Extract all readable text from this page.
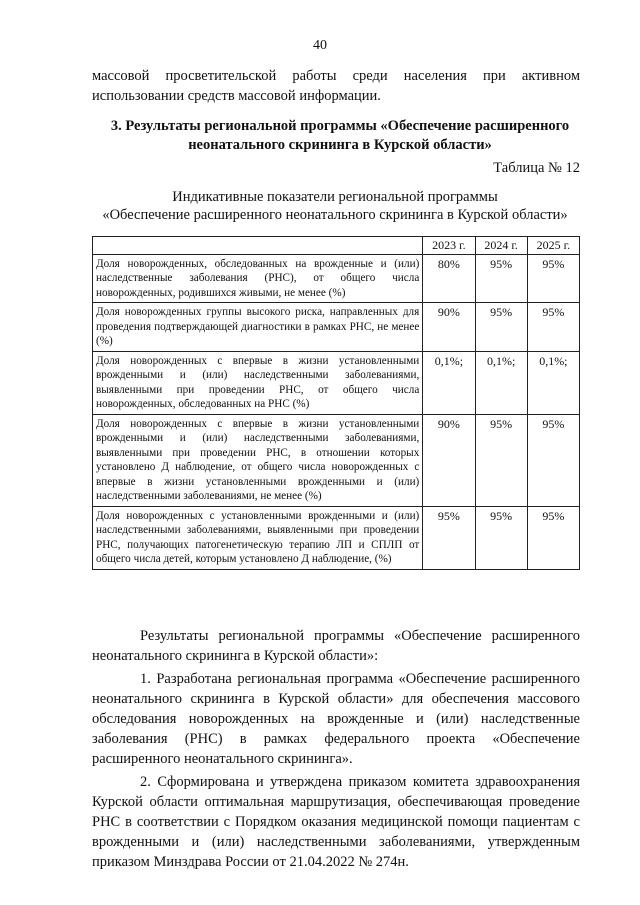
40
массовой просветительской работы среди населения при активном использовании средств массовой информации.
3. Результаты региональной программы «Обеспечение расширенного неонатального скрининга в Курской области»
Таблица № 12
Индикативные показатели региональной программы
«Обеспечение расширенного неонатального скрининга в Курской области»
	2023 г.	2024 г.	2025 г.
Доля новорожденных, обследованных на врожденные и (или) наследственные заболевания (РНС), от общего числа новорожденных, родившихся живыми, не менее (%)	80%	95%	95%
Доля новорожденных группы высокого риска, направленных для проведения подтверждающей диагностики в рамках РНС, не менее (%)	90%	95%	95%
Доля новорожденных с впервые в жизни установленными врожденными и (или) наследственными заболеваниями, выявленными при проведении РНС, от общего числа новорожденных, обследованных на РНС (%)	0,1%;	0,1%;	0,1%;
Доля новорожденных с впервые в жизни установленными врожденными и (или) наследственными заболеваниями, выявленными при проведении РНС, в отношении которых установлено Д наблюдение, от общего числа новорожденных с впервые в жизни установленными врожденными и (или) наследственными заболеваниями, не менее (%)	90%	95%	95%
Доля новорожденных с установленными врожденными и (или) наследственными заболеваниями, выявленными при проведении РНС, получающих патогенетическую терапию ЛП и СПЛП от общего числа детей, которым установлено Д наблюдение, (%)	95%	95%	95%

Результаты региональной программы «Обеспечение расширенного неонатального скрининга в Курской области»:

1. Разработана региональная программа «Обеспечение расширенного неонатального скрининга в Курской области» для обеспечения массового обследования новорожденных на врожденные и (или) наследственные заболевания (РНС) в рамках федерального проекта «Обеспечение расширенного неонатального скрининга».

2. Сформирована и утверждена приказом комитета здравоохранения Курской области оптимальная маршрутизация, обеспечивающая проведение РНС в соответствии с Порядком оказания медицинской помощи пациентам с врожденными и (или) наследственными заболеваниями, утвержденным приказом Минздрава России от 21.04.2022 № 274н.
